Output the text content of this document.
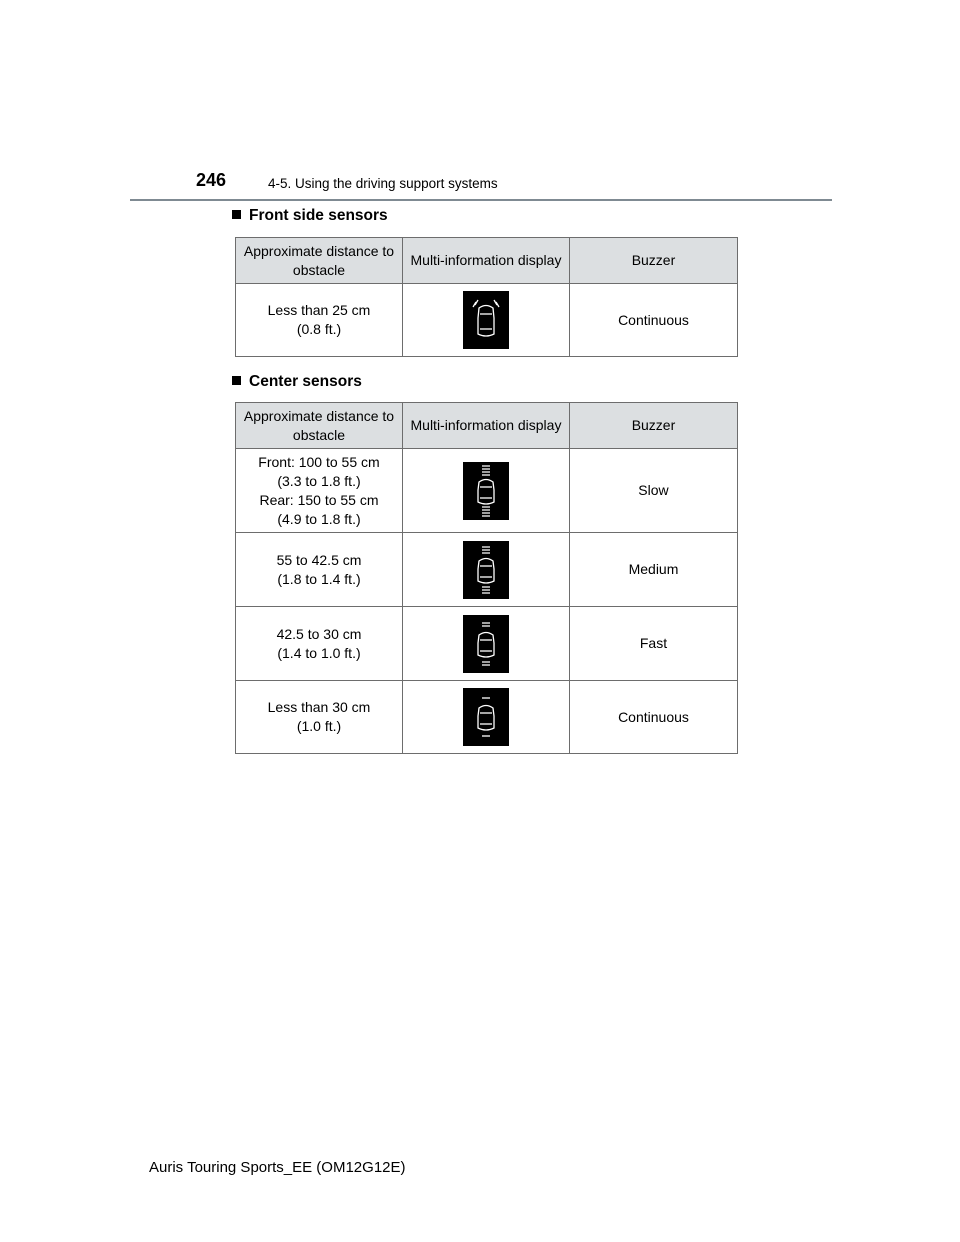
246	4-5. Using the driving support systems
Front side sensors
Approximate distance to obstacle	Multi-information display	Buzzer

Less than 25 cm
(0.8 ft.)		Continuous
Center sensors
Approximate distance to obstacle	Multi-information display	Buzzer

Front: 100 to 55 cm
(3.3 to 1.8 ft.)
Rear: 150 to 55 cm
(4.9 to 1.8 ft.)		Slow

55 to 42.5 cm
(1.8 to 1.4 ft.)		Medium

42.5 to 30 cm
(1.4 to 1.0 ft.)		Fast

Less than 30 cm
(1.0 ft.)		Continuous
Auris Touring Sports_EE (OM12G12E)
